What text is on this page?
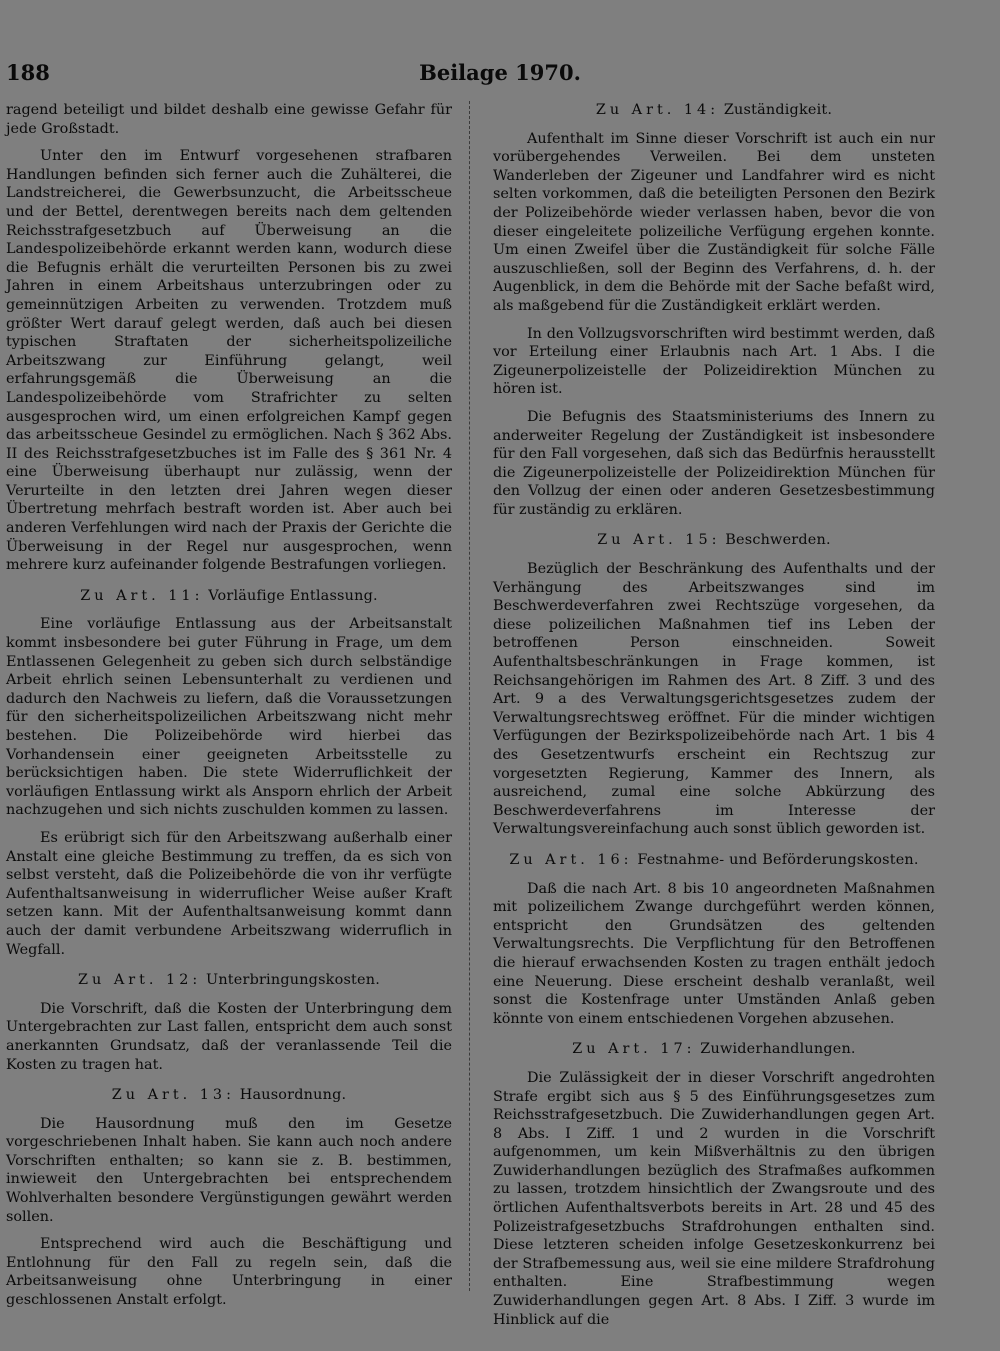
188	Beilage 1970.

ragend beteiligt und bildet deshalb eine gewisse Gefahr für jede Großstadt.

Unter den im Entwurf vorgesehenen strafbaren Handlungen befinden sich ferner auch die Zuhälterei, die Landstreicherei, die Gewerbsunzucht, die Arbeitsscheue und der Bettel, derentwegen bereits nach dem geltenden Reichsstrafgesetzbuch auf Überweisung an die Landespolizeibehörde erkannt werden kann, wodurch diese die Befugnis erhält die verurteilten Personen bis zu zwei Jahren in einem Arbeitshaus unterzubringen oder zu gemeinnützigen Arbeiten zu verwenden. Trotzdem muß größter Wert darauf gelegt werden, daß auch bei diesen typischen Straftaten der sicherheitspolizeiliche Arbeitszwang zur Einführung gelangt, weil erfahrungsgemäß die Überweisung an die Landespolizeibehörde vom Strafrichter zu selten ausgesprochen wird, um einen erfolgreichen Kampf gegen das arbeitsscheue Gesindel zu ermöglichen. Nach § 362 Abs. II des Reichsstrafgesetzbuches ist im Falle des § 361 Nr. 4 eine Überweisung überhaupt nur zulässig, wenn der Verurteilte in den letzten drei Jahren wegen dieser Übertretung mehrfach bestraft worden ist. Aber auch bei anderen Verfehlungen wird nach der Praxis der Gerichte die Überweisung in der Regel nur ausgesprochen, wenn mehrere kurz aufeinander folgende Bestrafungen vorliegen.

Zu Art. 11: Vorläufige Entlassung.

Eine vorläufige Entlassung aus der Arbeitsanstalt kommt insbesondere bei guter Führung in Frage, um dem Entlassenen Gelegenheit zu geben sich durch selbständige Arbeit ehrlich seinen Lebensunterhalt zu verdienen und dadurch den Nachweis zu liefern, daß die Voraussetzungen für den sicherheitspolizeilichen Arbeitszwang nicht mehr bestehen. Die Polizeibehörde wird hierbei das Vorhandensein einer geeigneten Arbeitsstelle zu berücksichtigen haben. Die stete Widerruflichkeit der vorläufigen Entlassung wirkt als Ansporn ehrlich der Arbeit nachzugehen und sich nichts zuschulden kommen zu lassen.

Es erübrigt sich für den Arbeitszwang außerhalb einer Anstalt eine gleiche Bestimmung zu treffen, da es sich von selbst versteht, daß die Polizeibehörde die von ihr verfügte Aufenthaltsanweisung in widerruflicher Weise außer Kraft setzen kann. Mit der Aufenthaltsanweisung kommt dann auch der damit verbundene Arbeitszwang widerruflich in Wegfall.

Zu Art. 12: Unterbringungskosten.

Die Vorschrift, daß die Kosten der Unterbringung dem Untergebrachten zur Last fallen, entspricht dem auch sonst anerkannten Grundsatz, daß der veranlassende Teil die Kosten zu tragen hat.

Zu Art. 13: Hausordnung.

Die Hausordnung muß den im Gesetze vorgeschriebenen Inhalt haben. Sie kann auch noch andere Vorschriften enthalten; so kann sie z. B. bestimmen, inwieweit den Untergebrachten bei entsprechendem Wohlverhalten besondere Vergünstigungen gewährt werden sollen.

Entsprechend wird auch die Beschäftigung und Entlohnung für den Fall zu regeln sein, daß die Arbeitsanweisung ohne Unterbringung in einer geschlossenen Anstalt erfolgt.

Zu Art. 14: Zuständigkeit.

Aufenthalt im Sinne dieser Vorschrift ist auch ein nur vorübergehendes Verweilen. Bei dem unsteten Wanderleben der Zigeuner und Landfahrer wird es nicht selten vorkommen, daß die beteiligten Personen den Bezirk der Polizeibehörde wieder verlassen haben, bevor die von dieser eingeleitete polizeiliche Verfügung ergehen konnte. Um einen Zweifel über die Zuständigkeit für solche Fälle auszuschließen, soll der Beginn des Verfahrens, d. h. der Augenblick, in dem die Behörde mit der Sache befaßt wird, als maßgebend für die Zuständigkeit erklärt werden.

In den Vollzugsvorschriften wird bestimmt werden, daß vor Erteilung einer Erlaubnis nach Art. 1 Abs. I die Zigeunerpolizeistelle der Polizeidirektion München zu hören ist.

Die Befugnis des Staatsministeriums des Innern zu anderweiter Regelung der Zuständigkeit ist insbesondere für den Fall vorgesehen, daß sich das Bedürfnis herausstellt die Zigeunerpolizeistelle der Polizeidirektion München für den Vollzug der einen oder anderen Gesetzesbestimmung für zuständig zu erklären.

Zu Art. 15: Beschwerden.

Bezüglich der Beschränkung des Aufenthalts und der Verhängung des Arbeitszwanges sind im Beschwerdeverfahren zwei Rechtszüge vorgesehen, da diese polizeilichen Maßnahmen tief ins Leben der betroffenen Person einschneiden. Soweit Aufenthaltsbeschränkungen in Frage kommen, ist Reichsangehörigen im Rahmen des Art. 8 Ziff. 3 und des Art. 9 a des Verwaltungsgerichtsgesetzes zudem der Verwaltungsrechtsweg eröffnet. Für die minder wichtigen Verfügungen der Bezirkspolizeibehörde nach Art. 1 bis 4 des Gesetzentwurfs erscheint ein Rechtszug zur vorgesetzten Regierung, Kammer des Innern, als ausreichend, zumal eine solche Abkürzung des Beschwerdeverfahrens im Interesse der Verwaltungsvereinfachung auch sonst üblich geworden ist.

Zu Art. 16: Festnahme- und Beförderungskosten.

Daß die nach Art. 8 bis 10 angeordneten Maßnahmen mit polizeilichem Zwange durchgeführt werden können, entspricht den Grundsätzen des geltenden Verwaltungsrechts. Die Verpflichtung für den Betroffenen die hierauf erwachsenden Kosten zu tragen enthält jedoch eine Neuerung. Diese erscheint deshalb veranlaßt, weil sonst die Kostenfrage unter Umständen Anlaß geben könnte von einem entschiedenen Vorgehen abzusehen.

Zu Art. 17: Zuwiderhandlungen.

Die Zulässigkeit der in dieser Vorschrift angedrohten Strafe ergibt sich aus § 5 des Einführungsgesetzes zum Reichsstrafgesetzbuch. Die Zuwiderhandlungen gegen Art. 8 Abs. I Ziff. 1 und 2 wurden in die Vorschrift aufgenommen, um kein Mißverhältnis zu den übrigen Zuwiderhandlungen bezüglich des Strafmaßes aufkommen zu lassen, trotzdem hinsichtlich der Zwangsroute und des örtlichen Aufenthaltsverbots bereits in Art. 28 und 45 des Polizeistrafgesetzbuchs Strafdrohungen enthalten sind. Diese letzteren scheiden infolge Gesetzeskonkurrenz bei der Strafbemessung aus, weil sie eine mildere Strafdrohung enthalten. Eine Strafbestimmung wegen Zuwiderhandlungen gegen Art. 8 Abs. I Ziff. 3 wurde im Hinblick auf die
